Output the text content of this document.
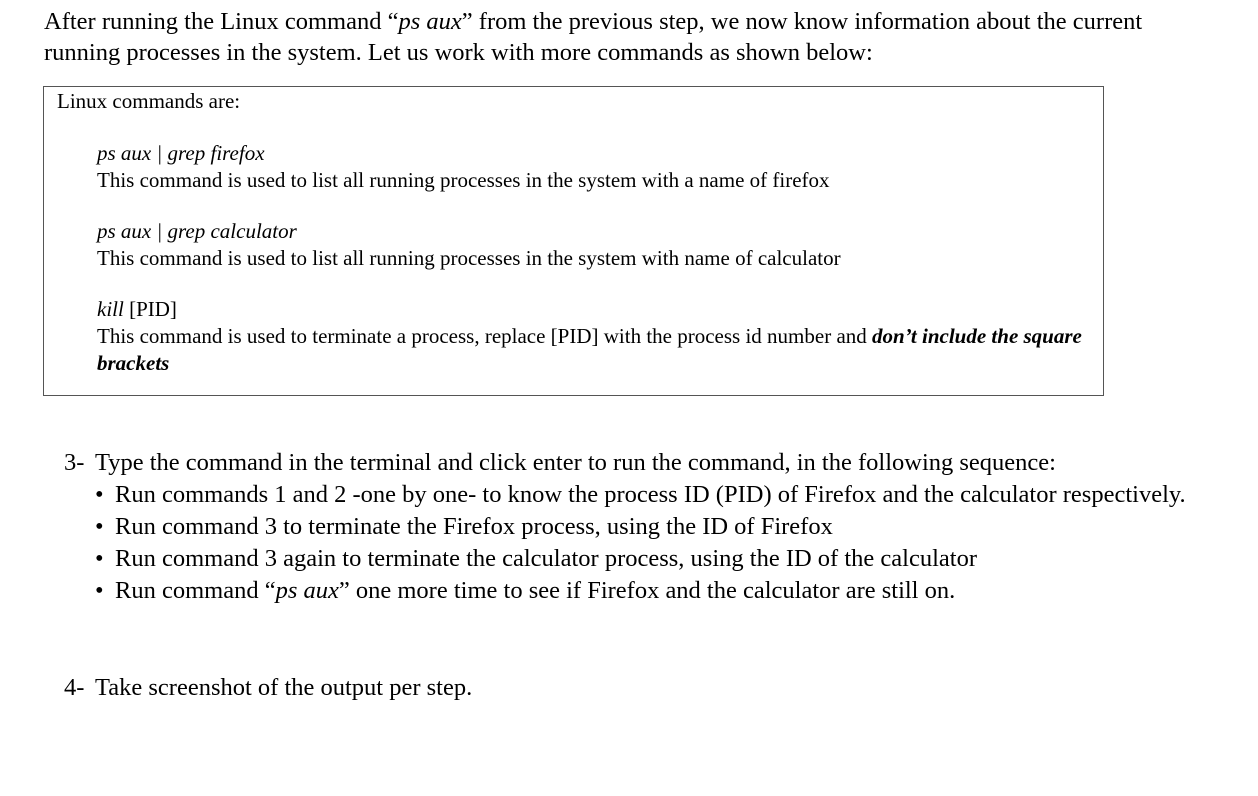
After running the Linux command “ps aux” from the previous step, we now know information about the current running processes in the system. Let us work with more commands as shown below:
Linux commands are:
ps aux | grep firefox
This command is used to list all running processes in the system with a name of firefox
ps aux | grep calculator
This command is used to list all running processes in the system with name of calculator
kill [PID]
This command is used to terminate a process, replace [PID] with the process id number and don’t include the square brackets
3- Type the command in the terminal and click enter to run the command, in the following sequence:
• Run commands 1 and 2 -one by one- to know the process ID (PID) of Firefox and the calculator respectively.
• Run command 3 to terminate the Firefox process, using the ID of Firefox
• Run command 3 again to terminate the calculator process, using the ID of the calculator
• Run command “ps aux” one more time to see if Firefox and the calculator are still on.
4- Take screenshot of the output per step.
